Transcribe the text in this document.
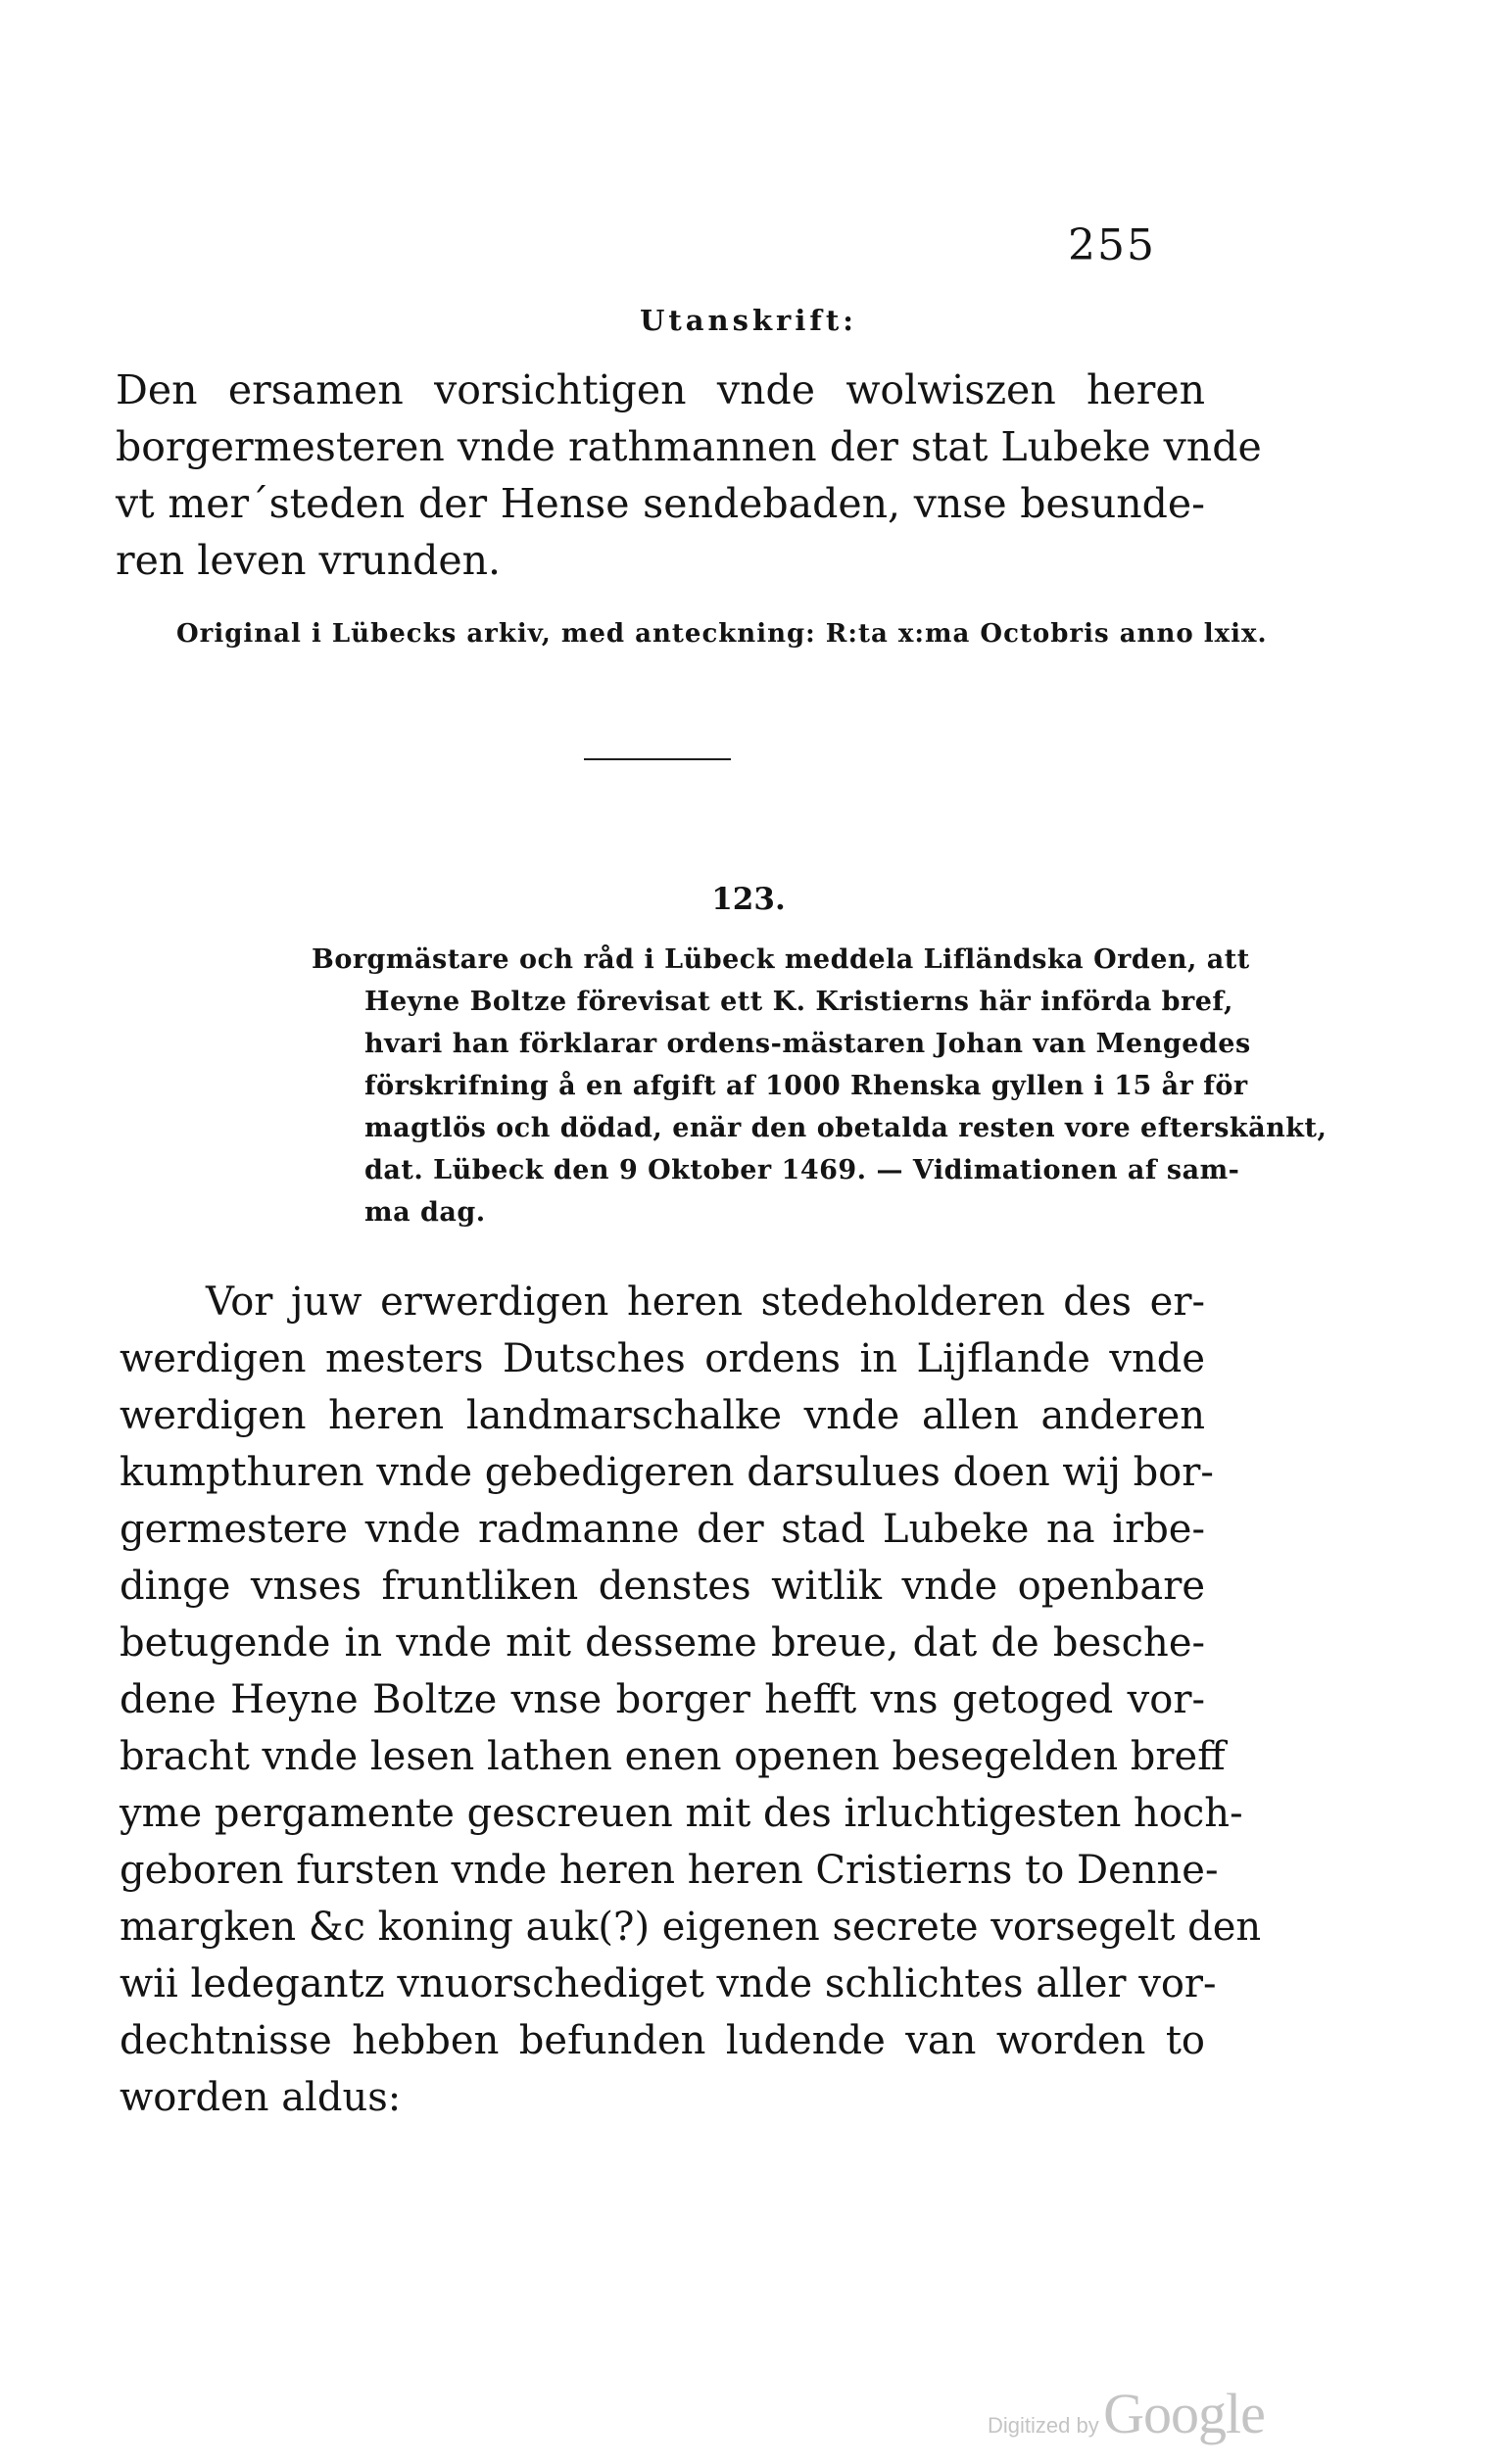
255
Utanskrift:
Den ersamen vorsichtigen vnde wolwiszen heren
borgermesteren vnde rathmannen der stat Lubeke vnde
vt mer´steden der Hense sendebaden, vnse besunde-
ren leven vrunden.
Original i Lübecks arkiv, med anteckning: R:ta x:ma Octobris anno lxix.
123.
Borgmästare och råd i Lübeck meddela Lifländska Orden, att
Heyne Boltze förevisat ett K. Kristierns här införda bref,
hvari han förklarar ordens-mästaren Johan van Mengedes
förskrifning å en afgift af 1000 Rhenska gyllen i 15 år för
magtlös och dödad, enär den obetalda resten vore efterskänkt,
dat. Lübeck den 9 Oktober 1469. — Vidimationen af sam-
ma dag.
Vor juw erwerdigen heren stedeholderen des er-
werdigen mesters Dutsches ordens in Lijflande vnde
werdigen heren landmarschalke vnde allen anderen
kumpthuren vnde gebedigeren darsulues doen wij bor-
germestere vnde radmanne der stad Lubeke na irbe-
dinge vnses fruntliken denstes witlik vnde openbare
betugende in vnde mit desseme breue, dat de besche-
dene Heyne Boltze vnse borger hefft vns getoged vor-
bracht vnde lesen lathen enen openen besegelden breff
yme pergamente gescreuen mit des irluchtigesten hoch-
geboren fursten vnde heren heren Cristierns to Denne-
margken &c koning auk(?) eigenen secrete vorsegelt den
wii ledegantz vnuorschediget vnde schlichtes aller vor-
dechtnisse hebben befunden ludende van worden to
worden aldus:
Digitized by Google
